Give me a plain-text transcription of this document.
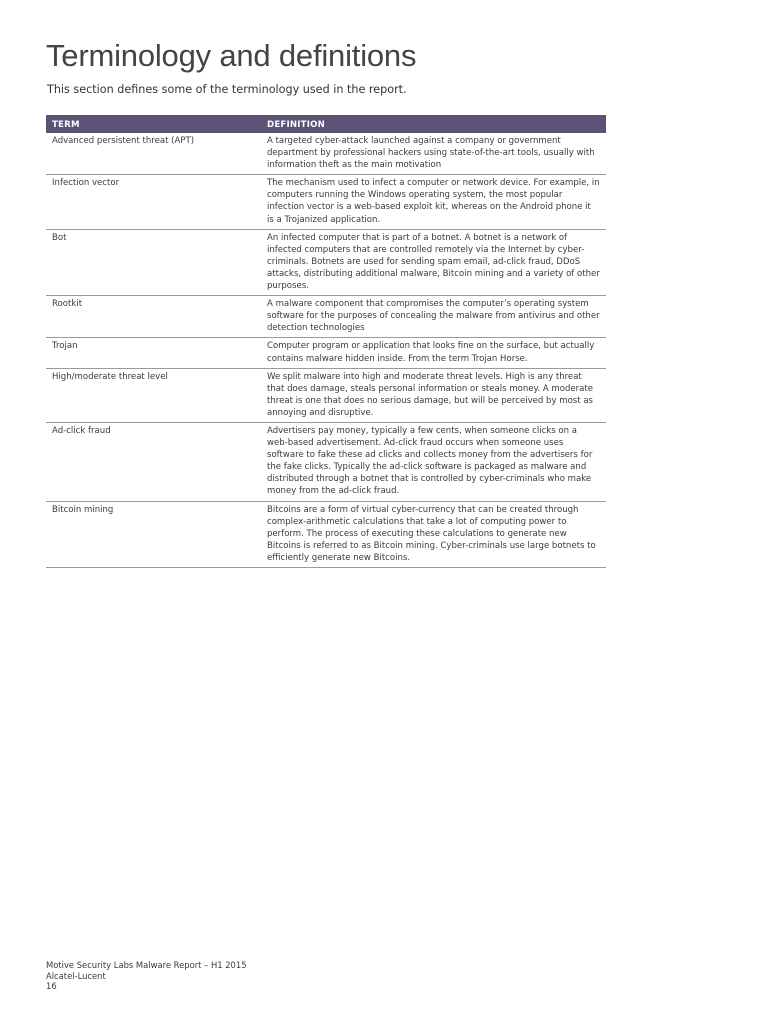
Terminology and definitions

This section defines some of the terminology used in the report.

TERM	DEFINITION
Advanced persistent threat (APT)	A targeted cyber-attack launched against a company or government department by professional hackers using state-of-the-art tools, usually with information theft as the main motivation
Infection vector	The mechanism used to infect a computer or network device. For example, in computers running the Windows operating system, the most popular infection vector is a web-based exploit kit, whereas on the Android phone it is a Trojanized application.
Bot	An infected computer that is part of a botnet. A botnet is a network of infected computers that are controlled remotely via the Internet by cyber-criminals. Botnets are used for sending spam email, ad-click fraud, DDoS attacks, distributing additional malware, Bitcoin mining and a variety of other purposes.
Rootkit	A malware component that compromises the computer’s operating system software for the purposes of concealing the malware from antivirus and other detection technologies
Trojan	Computer program or application that looks fine on the surface, but actually contains malware hidden inside. From the term Trojan Horse.
High/moderate threat level	We split malware into high and moderate threat levels. High is any threat that does damage, steals personal information or steals money. A moderate threat is one that does no serious damage, but will be perceived by most as annoying and disruptive.
Ad-click fraud	Advertisers pay money, typically a few cents, when someone clicks on a web-based advertisement. Ad-click fraud occurs when someone uses software to fake these ad clicks and collects money from the advertisers for the fake clicks. Typically the ad-click software is packaged as malware and distributed through a botnet that is controlled by cyber-criminals who make money from the ad-click fraud.
Bitcoin mining	Bitcoins are a form of virtual cyber-currency that can be created through complex-arithmetic calculations that take a lot of computing power to perform. The process of executing these calculations to generate new Bitcoins is referred to as Bitcoin mining. Cyber-criminals use large botnets to efficiently generate new Bitcoins.
Motive Security Labs Malware Report – H1 2015
Alcatel-Lucent
16
